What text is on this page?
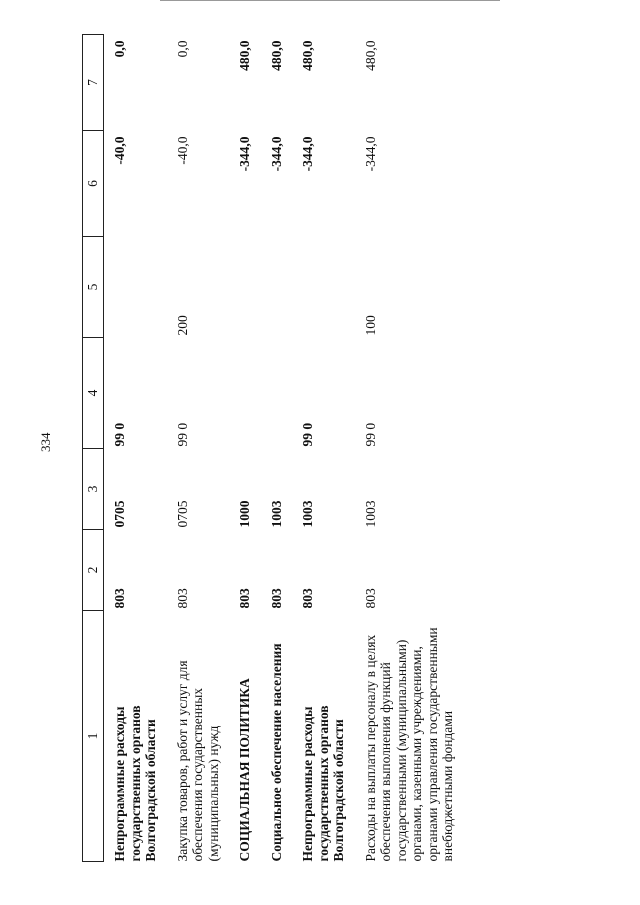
334
1	2	3	4	5	6	7
Непрограммные расходы государственных органов Волгоградской области	803	0705	99 0		-40,0	0,0
Закупка товаров, работ и услуг для обеспечения государственных (муниципальных) нужд	803	0705	99 0	200	-40,0	0,0
СОЦИАЛЬНАЯ ПОЛИТИКА	803	1000			-344,0	480,0
Социальное обеспечение населения	803	1003			-344,0	480,0
Непрограммные расходы государственных органов Волгоградской области	803	1003	99 0		-344,0	480,0
Расходы на выплаты персоналу в целях обеспечения выполнения функций государственными (муниципальными) органами, казенными учреждениями, органами управления государственными внебюджетными фондами	803	1003	99 0	100	-344,0	480,0
